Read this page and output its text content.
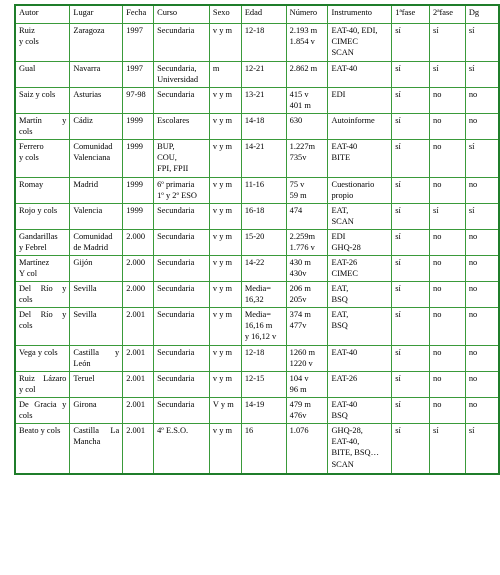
Autor	Lugar	Fecha	Curso	Sexo	Edad	Número	Instrumento	1ªfase	2ªfase	Dg

Ruiz
y cols	Zaragoza	1997	Secundaria	v y m	12-18	2.193 m
1.854 v	EAT-40, EDI,
CIMEC
SCAN	sí	sí	sí

Gual	Navarra	1997	Secundaria,
Universidad	m	12-21	2.862 m	EAT-40	sí	sí	sí

Saiz y cols	Asturias	97-98	Secundaria	v y m	13-21	415 v
401 m	EDI	sí	no	no

Martín y
cols	Cádiz	1999	Escolares	v y m	14-18	630	Autoinforme	sí	no	no

Ferrero
y cols	Comunidad
Valenciana	1999	BUP,
COU,
FPI, FPII	v y m	14-21	1.227m
735v	EAT-40
BITE	sí	no	sí

Romay	Madrid	1999	6º primaria
1º y 2º ESO	v y m	11-16	75 v
59 m	Cuestionario
propio	sí	no	no

Rojo y cols	Valencia	1999	Secundaria	v y m	16-18	474	EAT,
SCAN	sí	sí	sí

Gandarillas
y Febrel	Comunidad
de Madrid	2.000	Secundaria	v y m	15-20	2.259m
1.776 v	EDI
GHQ-28	sí	no	no

Martínez
Y col	Gijón	2.000	Secundaria	v y m	14-22	430 m
430v	EAT-26
CIMEC	sí	no	no

Del Río y
cols	Sevilla	2.000	Secundaria	v y m	Media=
16,32	206 m
205v	EAT,
BSQ	sí	no	no

Del Río y
cols	Sevilla	2.001	Secundaria	v y m	Media=
16,16 m
y 16,12 v	374 m
477v	EAT,
BSQ	sí	no	no

Vega y cols	Castilla y
León	2.001	Secundaria	v y m	12-18	1260 m
1220 v	EAT-40	sí	no	no

Ruiz Lázaro
y col	Teruel	2.001	Secundaria	v y m	12-15	104 v
96 m	EAT-26	sí	no	no

De Gracia y
cols	Girona	2.001	Secundaria	V y m	14-19	479 m
476v	EAT-40
BSQ	sí	no	no

Beato y cols	Castilla La
Mancha	2.001	4º E.S.O.	v y m	16	1.076	GHQ-28,
EAT-40,
BITE, BSQ…
SCAN	sí	sí	sí
